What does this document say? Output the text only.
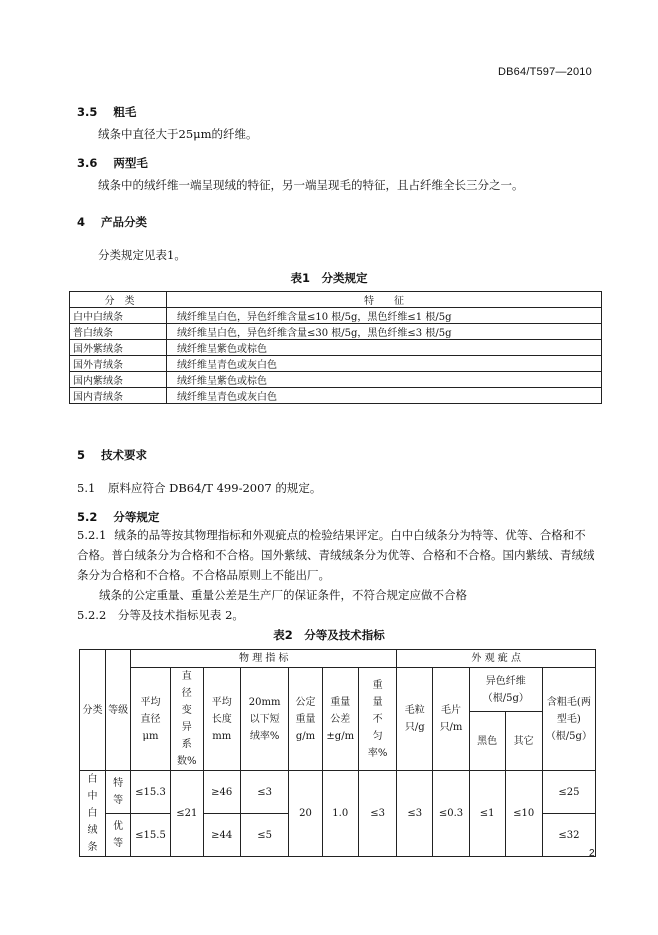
DB64/T597—2010
3.5 粗毛
绒条中直径大于25μm的纤维。
3.6 两型毛
绒条中的绒纤维一端呈现绒的特征，另一端呈现毛的特征，且占纤维全长三分之一。
4 产品分类
分类规定见表1。
表1　分类规定
分　类	特　　征
白中白绒条	绒纤维呈白色，异色纤维含量≤10 根/5g，黑色纤维≤1 根/5g
普白绒条	绒纤维呈白色，异色纤维含量≤30 根/5g，黑色纤维≤3 根/5g
国外紫绒条	绒纤维呈紫色或棕色
国外青绒条	绒纤维呈青色或灰白色
国内紫绒条	绒纤维呈紫色或棕色
国内青绒条	绒纤维呈青色或灰白色
5 技术要求
5.1 原料应符合 DB64/T 499-2007 的规定。
5.2 分等规定
5.2.1 绒条的品等按其物理指标和外观疵点的检验结果评定。白中白绒条分为特等、优等、合格和不
合格。普白绒条分为合格和不合格。国外紫绒、青绒绒条分为优等、合格和不合格。国内紫绒、青绒绒
条分为合格和不合格。不合格品原则上不能出厂。
绒条的公定重量、重量公差是生产厂的保证条件，不符合规定应做不合格
5.2.2 分等及技术指标见表 2。
表2　分等及技术指标
分类	等级	物 理 指 标							外 观 疵 点				
		平均直径μm	直径变异系数%	平均长度mm	20mm以下短绒率%	公定重量g/m	重量公差±g/m	重量不匀率%	毛粒只/g	毛片只/m	异色纤维（根/5g）		含粗毛(两型毛)（根/5g）
											黑色	其它	
白中白绒条	特等	≤15.3	≤21	≥46	≤3	20	1.0	≤3	≤3	≤0.3	≤1	≤10	≤25
	优等	≤15.5		≥44	≤5								≤32
2
